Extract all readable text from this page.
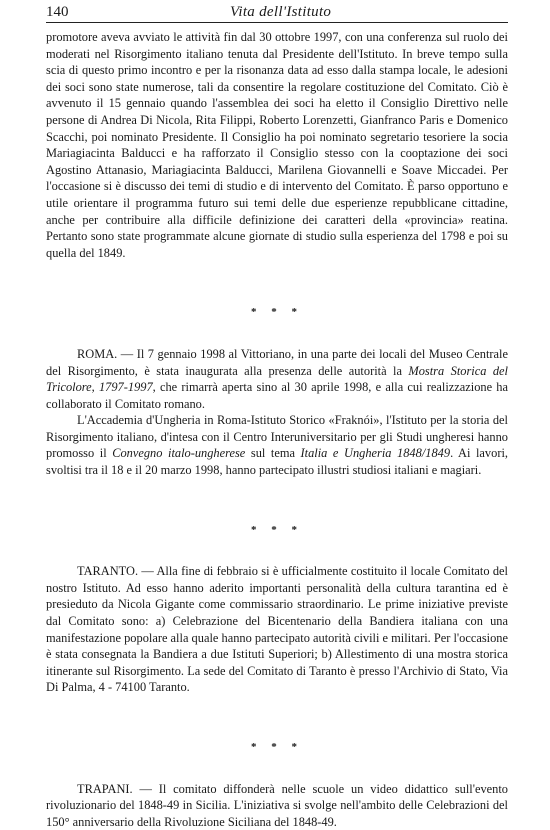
140	Vita dell'Istituto

promotore aveva avviato le attività fin dal 30 ottobre 1997, con una conferenza sul ruolo dei moderati nel Risorgimento italiano tenuta dal Presidente dell'Istituto. In breve tempo sulla scia di questo primo incontro e per la risonanza data ad esso dalla stampa locale, le adesioni dei soci sono state numerose, tali da consentire la regolare costituzione del Comitato. Ciò è avvenuto il 15 gennaio quando l'assemblea dei soci ha eletto il Consiglio Direttivo nelle persone di Andrea Di Nicola, Rita Filippi, Roberto Lorenzetti, Gianfranco Paris e Domenico Scacchi, poi nominato Presidente. Il Consiglio ha poi nominato segretario tesoriere la socia Mariagiacinta Balducci e ha rafforzato il Consiglio stesso con la cooptazione dei soci Agostino Attanasio, Mariagiacinta Balducci, Marilena Giovannelli e Soave Miccadei. Per l'occasione si è discusso dei temi di studio e di intervento del Comitato. È parso opportuno e utile orientare il programma futuro sui temi delle due esperienze repubblicane cittadine, anche per contribuire alla difficile definizione dei caratteri della «provincia» reatina. Pertanto sono state programmate alcune giornate di studio sulla esperienza del 1798 e poi su quella del 1849.

* * *

ROMA. — Il 7 gennaio 1998 al Vittoriano, in una parte dei locali del Museo Centrale del Risorgimento, è stata inaugurata alla presenza delle autorità la Mostra Storica del Tricolore, 1797-1997, che rimarrà aperta sino al 30 aprile 1998, e alla cui realizzazione ha collaborato il Comitato romano.

L'Accademia d'Ungheria in Roma-Istituto Storico «Fraknói», l'Istituto per la storia del Risorgimento italiano, d'intesa con il Centro Interuniversitario per gli Studi ungheresi hanno promosso il Convegno italo-ungherese sul tema Italia e Ungheria 1848/1849. Ai lavori, svoltisi tra il 18 e il 20 marzo 1998, hanno partecipato illustri studiosi italiani e magiari.

* * *

TARANTO. — Alla fine di febbraio si è ufficialmente costituito il locale Comitato del nostro Istituto. Ad esso hanno aderito importanti personalità della cultura tarantina ed è presieduto da Nicola Gigante come commissario straordinario. Le prime iniziative previste dal Comitato sono: a) Celebrazione del Bicentenario della Bandiera italiana con una manifestazione popolare alla quale hanno partecipato autorità civili e militari. Per l'occasione è stata consegnata la Bandiera a due Istituti Superiori; b) Allestimento di una mostra storica itinerante sul Risorgimento. La sede del Comitato di Taranto è presso l'Archivio di Stato, Via Di Palma, 4 - 74100 Taranto.

* * *

TRAPANI. — Il comitato diffonderà nelle scuole un video didattico sull'evento rivoluzionario del 1848-49 in Sicilia. L'iniziativa si svolge nell'ambito delle Celebrazioni del 150° anniversario della Rivoluzione Siciliana del 1848-49.
